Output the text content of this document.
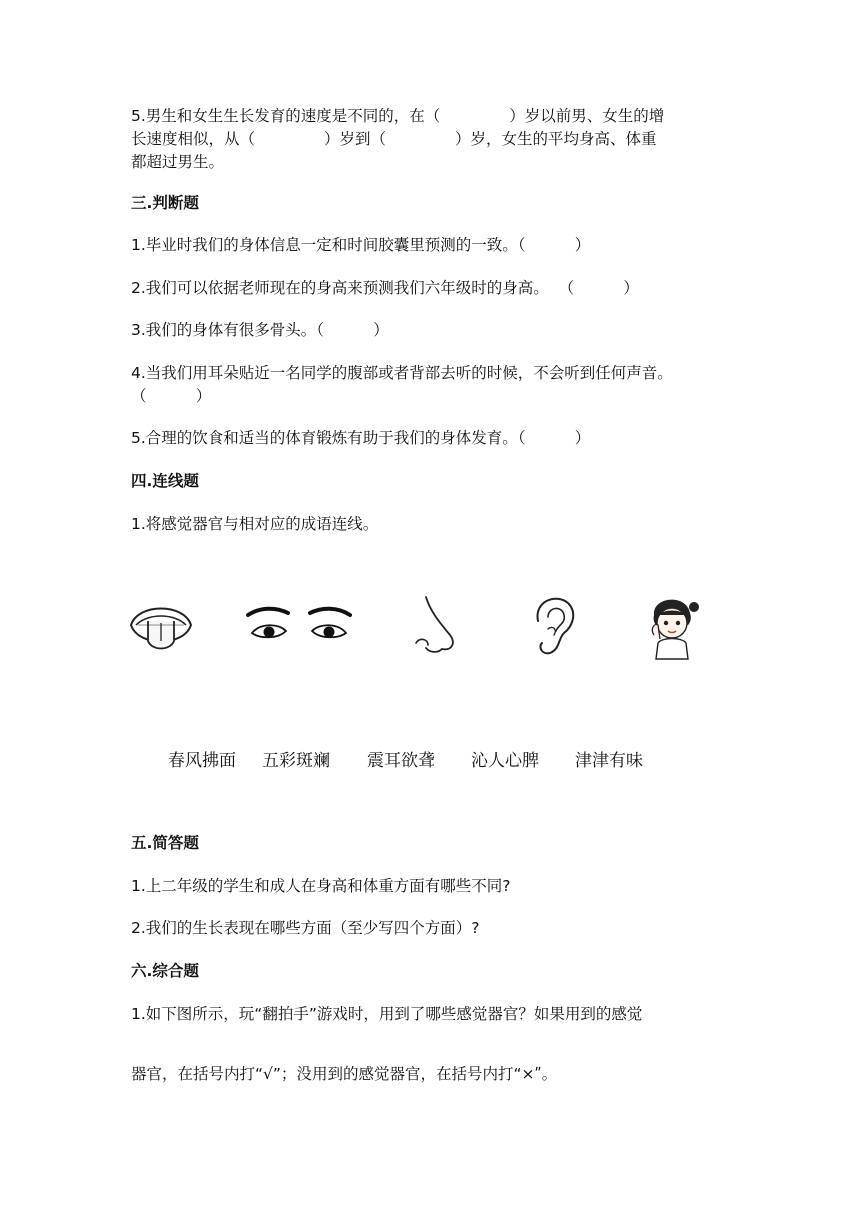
5.男生和女生生长发育的速度是不同的，在（              ）岁以前男、女生的增
长速度相似，从（              ）岁到（              ）岁，女生的平均身高、体重
都超过男生。
三.判断题
1.毕业时我们的身体信息一定和时间胶囊里预测的一致。（          ）
2.我们可以依据老师现在的身高来预测我们六年级时的身高。  （          ）
3.我们的身体有很多骨头。（          ）
4.当我们用耳朵贴近一名同学的腹部或者背部去听的时候，不会听到任何声音。
（          ）
5.合理的饮食和适当的体育锻炼有助于我们的身体发育。（          ）
四.连线题
1.将感觉器官与相对应的成语连线。
春风拂面 五彩斑斓 震耳欲聋 沁人心脾 津津有味
五.简答题
1.上二年级的学生和成人在身高和体重方面有哪些不同?
2.我们的生长表现在哪些方面（至少写四个方面）?
六.综合题
1.如下图所示，玩“翻拍手”游戏时，用到了哪些感觉器官？如果用到的感觉
器官，在括号内打“√”；没用到的感觉器官，在括号内打“×ʺ。
